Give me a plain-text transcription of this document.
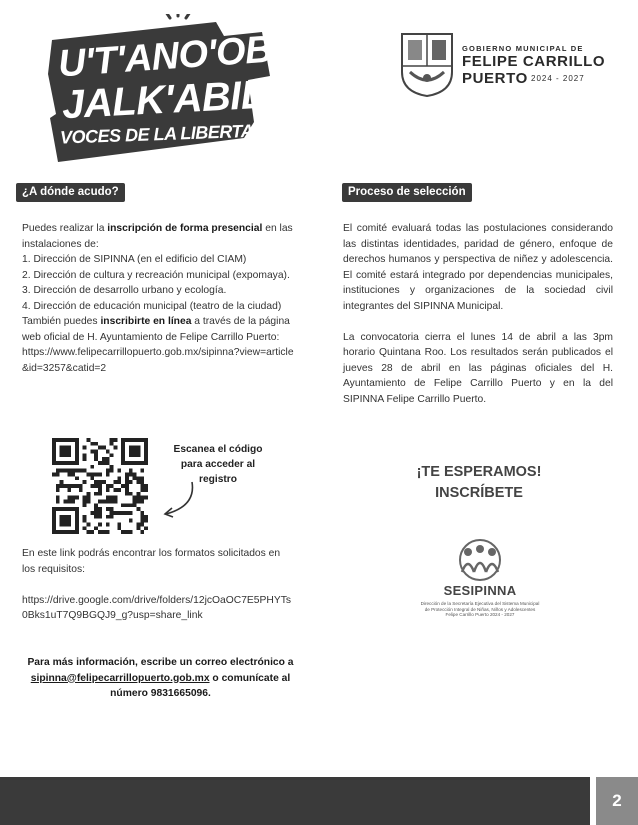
U'T'ANO'OB
JALK'ABIL
VOCES DE LA LIBERTAD
GOBIERNO MUNICIPAL DE
FELIPE CARRILLO
PUERTO 2024 - 2027
¿A dónde acudo?	Proceso de selección
Puedes realizar la inscripción de forma presencial en las instalaciones de:
1. Dirección de SIPINNA (en el edificio del CIAM)
2. Dirección de cultura y recreación municipal (expomaya).
3. Dirección de desarrollo urbano y ecología.
4. Dirección de educación municipal (teatro de la ciudad)
También puedes inscribirte en línea a través de la página web oficial de H. Ayuntamiento de Felipe Carrillo Puerto:
https://www.felipecarrillopuerto.gob.mx/sipinna?view=article&id=3257&catid=2
Escanea el código para acceder al registro
En este link podrás encontrar los formatos solicitados en los requisitos:
https://drive.google.com/drive/folders/12jcOaOC7E5PHYTs0Bks1uT7Q9BGQJ9_g?usp=share_link
Para más información, escribe un correo electrónico a sipinna@felipecarrillopuerto.gob.mx o comunícate al número 9831665096.

El comité evaluará todas las postulaciones considerando las distintas identidades, paridad de género, enfoque de derechos humanos y perspectiva de niñez y adolescencia. El comité estará integrado por dependencias municipales, instituciones y organizaciones de la sociedad civil integrantes del SIPINNA Municipal.

La convocatoria cierra el lunes 14 de abril a las 3pm horario Quintana Roo. Los resultados serán publicados el jueves 28 de abril en las páginas oficiales del H. Ayuntamiento de Felipe Carrillo Puerto y en la del SIPINNA Felipe Carrillo Puerto.

¡TE ESPERAMOS!
INSCRÍBETE
SESIPINNA
Dirección de la Secretaría Ejecutiva del Sistema Municipal
de Protección Integral de Niñas, Niños y Adolescentes
Felipe Carrillo Puerto 2024 - 2027
2
